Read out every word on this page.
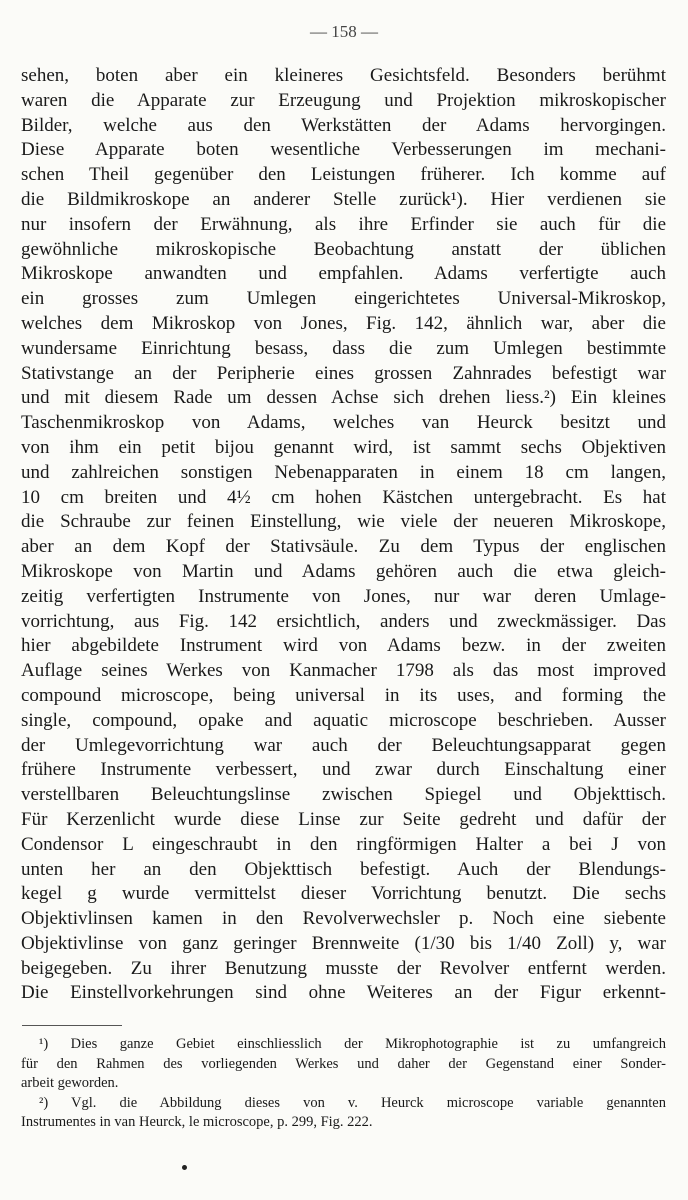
— 158 —
sehen, boten aber ein kleineres Gesichtsfeld. Besonders berühmt
waren die Apparate zur Erzeugung und Projektion mikroskopischer
Bilder, welche aus den Werkstätten der Adams hervorgingen.
Diese Apparate boten wesentliche Verbesserungen im mechani-
schen Theil gegenüber den Leistungen früherer. Ich komme auf
die Bildmikroskope an anderer Stelle zurück¹). Hier verdienen sie
nur insofern der Erwähnung, als ihre Erfinder sie auch für die
gewöhnliche mikroskopische Beobachtung anstatt der üblichen
Mikroskope anwandten und empfahlen. Adams verfertigte auch
ein grosses zum Umlegen eingerichtetes Universal-Mikroskop,
welches dem Mikroskop von Jones, Fig. 142, ähnlich war, aber die
wundersame Einrichtung besass, dass die zum Umlegen bestimmte
Stativstange an der Peripherie eines grossen Zahnrades befestigt war
und mit diesem Rade um dessen Achse sich drehen liess.²) Ein kleines
Taschenmikroskop von Adams, welches van Heurck besitzt und
von ihm ein petit bijou genannt wird, ist sammt sechs Objektiven
und zahlreichen sonstigen Nebenapparaten in einem 18 cm langen,
10 cm breiten und 4½ cm hohen Kästchen untergebracht. Es hat
die Schraube zur feinen Einstellung, wie viele der neueren Mikroskope,
aber an dem Kopf der Stativsäule. Zu dem Typus der englischen
Mikroskope von Martin und Adams gehören auch die etwa gleich-
zeitig verfertigten Instrumente von Jones, nur war deren Umlage-
vorrichtung, aus Fig. 142 ersichtlich, anders und zweckmässiger. Das
hier abgebildete Instrument wird von Adams bezw. in der zweiten
Auflage seines Werkes von Kanmacher 1798 als das most improved
compound microscope, being universal in its uses, and forming the
single, compound, opake and aquatic microscope beschrieben. Ausser
der Umlegevorrichtung war auch der Beleuchtungsapparat gegen
frühere Instrumente verbessert, und zwar durch Einschaltung einer
verstellbaren Beleuchtungslinse zwischen Spiegel und Objekttisch.
Für Kerzenlicht wurde diese Linse zur Seite gedreht und dafür der
Condensor L eingeschraubt in den ringförmigen Halter a bei J von
unten her an den Objekttisch befestigt. Auch der Blendungs-
kegel g wurde vermittelst dieser Vorrichtung benutzt. Die sechs
Objektivlinsen kamen in den Revolverwechsler p. Noch eine siebente
Objektivlinse von ganz geringer Brennweite (1/30 bis 1/40 Zoll) y, war
beigegeben. Zu ihrer Benutzung musste der Revolver entfernt werden.
Die Einstellvorkehrungen sind ohne Weiteres an der Figur erkennt-
¹) Dies ganze Gebiet einschliesslich der Mikrophotographie ist zu umfangreich
für den Rahmen des vorliegenden Werkes und daher der Gegenstand einer Sonder-
arbeit geworden.
²) Vgl. die Abbildung dieses von v. Heurck microscope variable genannten
Instrumentes in van Heurck, le microscope, p. 299, Fig. 222.
